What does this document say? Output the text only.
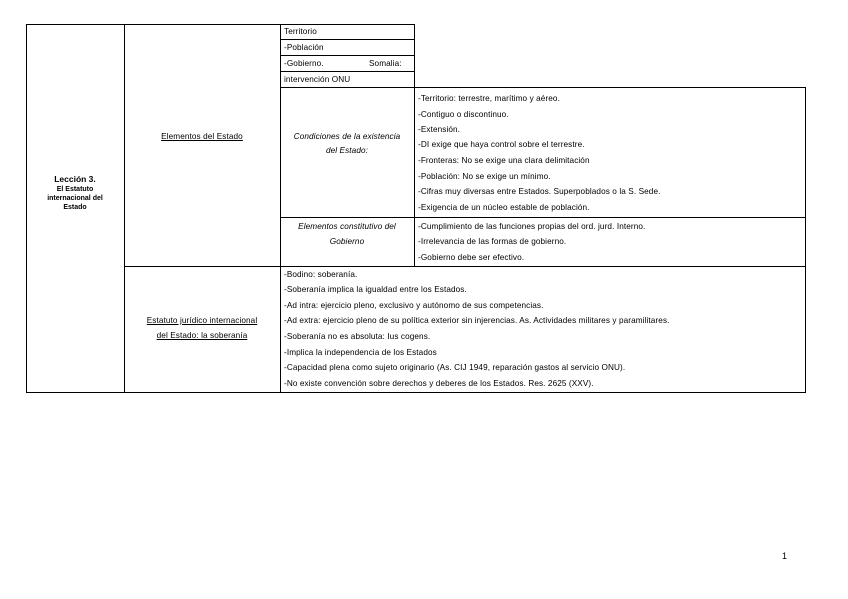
Lección 3.
El Estatuto
internacional del
Estado
Elementos del Estado
Territorio
-Población
-Gobierno.	Somalia:
intervención ONU
Condiciones de la existencia
del Estado:
-Territorio: terrestre, marítimo y aéreo.
-Contiguo o discontinuo.
-Extensión.
-DI exige que haya control sobre el terrestre.
-Fronteras: No se exige una clara delimitación
-Población: No se exige un mínimo.
-Cifras muy diversas entre Estados. Superpoblados o la S. Sede.
-Exigencia de un núcleo estable de población.
Elementos constitutivo del
Gobierno
-Cumplimiento de las funciones propias del ord. jurd. Interno.
-Irrelevancia de las formas de gobierno.
-Gobierno debe ser efectivo.
Estatuto jurídico internacional
del Estado: la soberanía
-Bodino: soberanía.
-Soberanía implica la igualdad entre los Estados.
-Ad intra: ejercicio pleno, exclusivo y autónomo de sus competencias.
-Ad extra: ejercicio pleno de su política exterior sin injerencias. As. Actividades militares y paramilitares.
-Soberanía no es absoluta: Ius cogens.
-Implica la independencia de los Estados
-Capacidad plena como sujeto originario (As. CIJ 1949, reparación gastos al servicio ONU).
-No existe convención sobre derechos y deberes de los Estados. Res. 2625 (XXV).
1
